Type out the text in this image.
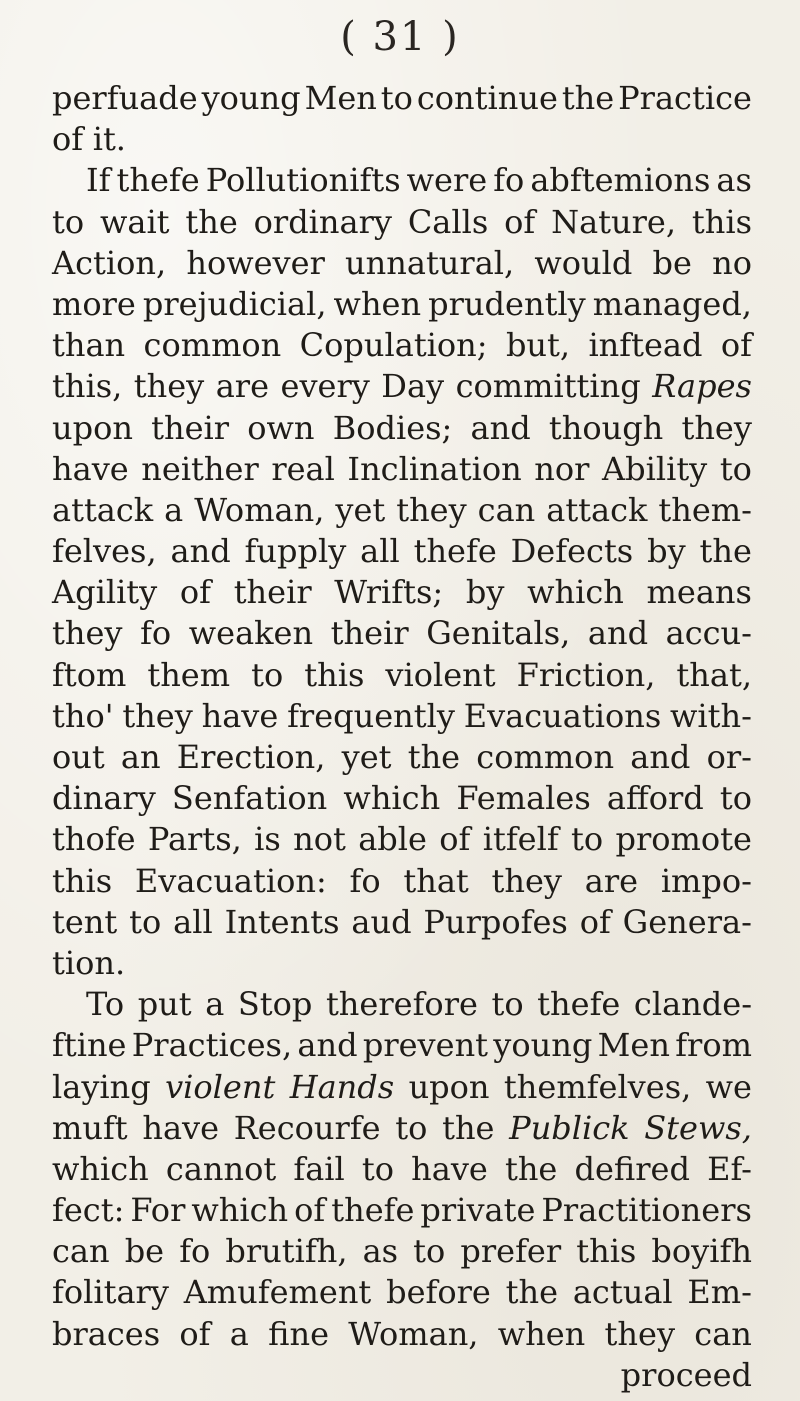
( 31 )
perfuade young Men to continue the Practice
of it.
If thefe Pollutionifts were fo abftemions as
to wait the ordinary Calls of Nature, this
Action, however unnatural, would be no
more prejudicial, when prudently managed,
than common Copulation; but, inftead of
this, they are every Day committing Rapes
upon their own Bodies; and though they
have neither real Inclination nor Ability to
attack a Woman, yet they can attack them-
felves, and fupply all thefe Defects by the
Agility of their Wrifts; by which means
they fo weaken their Genitals, and accu-
ftom them to this violent Friction, that,
tho' they have frequently Evacuations with-
out an Erection, yet the common and or-
dinary Senfation which Females afford to
thofe Parts, is not able of itfelf to promote
this Evacuation: fo that they are impo-
tent to all Intents aud Purpofes of Genera-
tion.
To put a Stop therefore to thefe clande-
ftine Practices, and prevent young Men from
laying violent Hands upon themfelves, we
muft have Recourfe to the Publick Stews,
which cannot fail to have the defired Ef-
fect: For which of thefe private Practitioners
can be fo brutifh, as to prefer this boyifh
folitary Amufement before the actual Em-
braces of a fine Woman, when they can
proceed
